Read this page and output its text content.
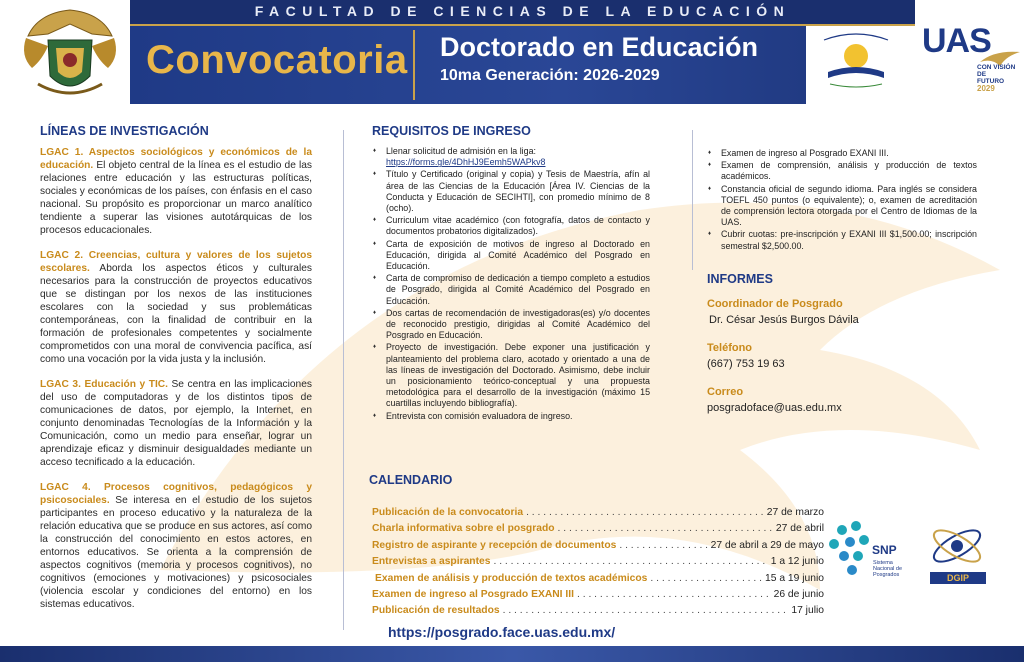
FACULTAD DE CIENCIAS DE LA EDUCACIÓN
Convocatoria Doctorado en Educación
10ma Generación: 2026-2029
UAS
CON VISIÓN DE
FUTURO
2029
LÍNEAS DE INVESTIGACIÓN

LGAC 1. Aspectos sociológicos y económicos de la educación. El objeto central de la línea es el estudio de las relaciones entre educación y las estructuras políticas, sociales y económicas de los países, con énfasis en el caso nacional. Su propósito es proporcionar un marco analítico tendiente a superar las visiones autotárquicas de los procesos educacionales.

LGAC 2. Creencias, cultura y valores de los sujetos escolares. Aborda los aspectos éticos y culturales necesarios para la construcción de proyectos educativos que se distingan por los nexos de las instituciones escolares con la sociedad y sus problemáticas contemporáneas, con la finalidad de contribuir en la formación de profesionales competentes y socialmente comprometidos con una moral de convivencia pacífica, así como una vocación por la vida justa y la inclusión.

LGAC 3. Educación y TIC. Se centra en las implicaciones del uso de computadoras y de los distintos tipos de comunicaciones de datos, por ejemplo, la Internet, en conjunto denominadas Tecnologías de la Información y la Comunicación, como un medio para enseñar, lograr un aprendizaje eficaz y disminuir desigualdades mediante un acceso tecnificado a la educación.

LGAC 4. Procesos cognitivos, pedagógicos y psicosociales. Se interesa en el estudio de los sujetos participantes en proceso educativo y la naturaleza de la relación educativa que se produce en sus actores, así como la construcción del conocimiento en estos actores, en entornos educativos. Se orienta a la comprensión de aspectos cognitivos (memoria y procesos cognitivos), no cognitivos (emociones y motivaciones) y psicosociales (violencia escolar y condiciones del entorno) en los sistemas educativos.

REQUISITOS DE INGRESO
♦ Llenar solicitud de admisión en la liga:
https://forms.gle/4DhHJ9Eemh5WAPkv8
♦ Título y Certificado (original y copia) y Tesis de Maestría, afín al área de las Ciencias de la Educación [Área IV. Ciencias de la Conducta y Educación de SECIHTI], con promedio mínimo de 8 (ocho).
♦ Curriculum vitae académico (con fotografía, datos de contacto y documentos probatorios digitalizados).
♦ Carta de exposición de motivos de ingreso al Doctorado en Educación, dirigida al Comité Académico del Posgrado en Educación.
♦ Carta de compromiso de dedicación a tiempo completo a estudios de Posgrado, dirigida al Comité Académico del Posgrado en Educación.
♦ Dos cartas de recomendación de investigadoras(es) y/o docentes de reconocido prestigio, dirigidas al Comité Académico del Posgrado en Educación.
♦ Proyecto de investigación. Debe exponer una justificación y planteamiento del problema claro, acotado y orientado a una de las líneas de investigación del Doctorado. Asimismo, debe incluir un posicionamiento teórico-conceptual y una propuesta metodológica para el desarrollo de la investigación (máximo 15 cuartillas incluyendo bibliografía).
♦ Entrevista con comisión evaluadora de ingreso.
♦ Examen de ingreso al Posgrado EXANI III.
♦ Examen de comprensión, análisis y producción de textos académicos.
♦ Constancia oficial de segundo idioma. Para inglés se considera TOEFL 450 puntos (o equivalente); o, examen de acreditación de comprensión lectora otorgada por el Centro de Idiomas de la UAS.
♦ Cubrir cuotas: pre-inscripción y EXANI III $1,500.00; inscripción semestral $2,500.00.
INFORMES
Coordinador de Posgrado
Dr. César Jesús Burgos Dávila
Teléfono
(667) 753 19 63
Correo
posgradoface@uas.edu.mx
CALENDARIO
Publicación de la convocatoria . . .	27 de marzo
Charla informativa sobre el posgrado . . .	27 de abril
Registro de aspirante y recepción de documentos . . .	27 de abril a 29 de mayo
Entrevistas a aspirantes . . .	1 a 12 junio
Examen de análisis y producción de textos académicos . . .	15 a 19 junio
Examen de ingreso al Posgrado EXANI III . . .	26 de junio
Publicación de resultados . . .	17 julio
SNP
Sistema
Nacional de
Posgrados	DGIP
https://posgrado.face.uas.edu.mx/
